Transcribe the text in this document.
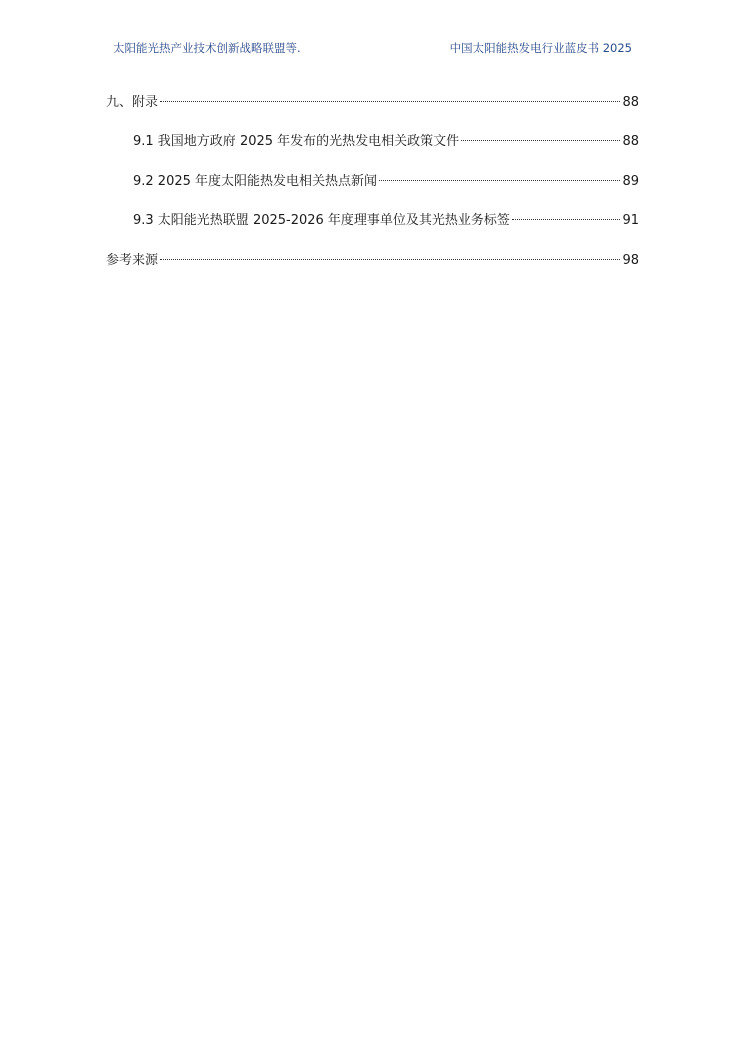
太阳能光热产业技术创新战略联盟等.	中国太阳能热发电行业蓝皮书 2025
九、附录	88
9.1 我国地方政府 2025 年发布的光热发电相关政策文件	88
9.2 2025 年度太阳能热发电相关热点新闻	89
9.3 太阳能光热联盟 2025-2026 年度理事单位及其光热业务标签	91
参考来源	98
